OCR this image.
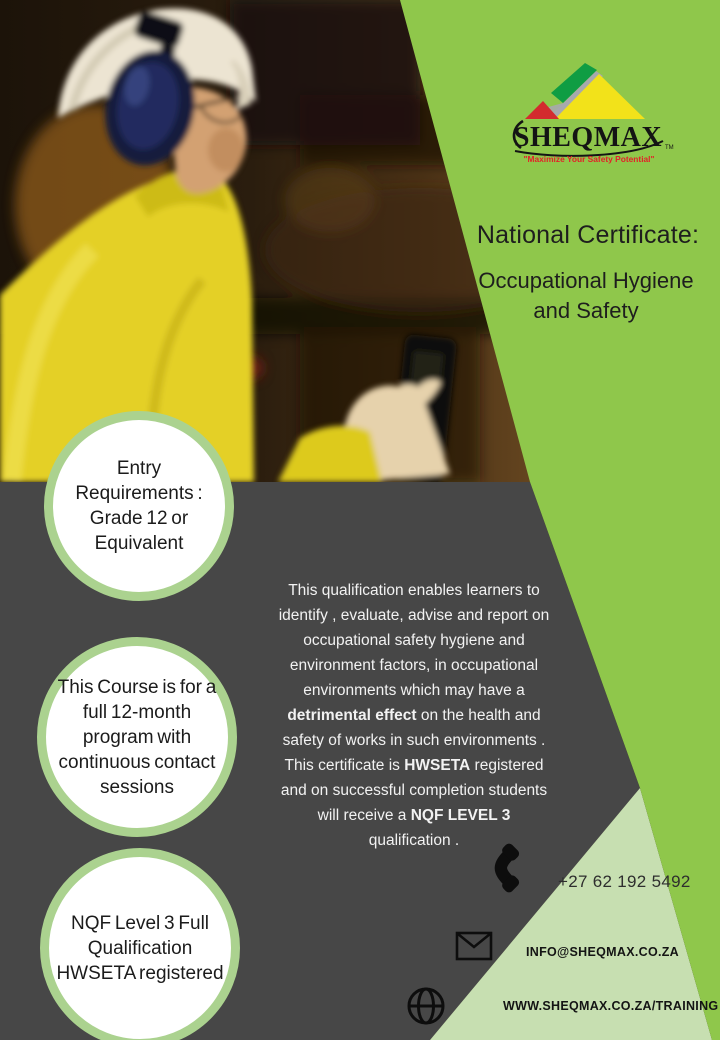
SHEQMAX TM
"Maximize Your Safety Potential"
National Certificate:
Occupational Hygiene
and Safety
Entry
Requirements :
Grade 12 or
Equivalent
This Course is for a
full 12-month
program with
continuous contact
sessions
NQF Level 3 Full
Qualification
HWSETA registered
This qualification enables learners to
identify , evaluate, advise and report on
occupational safety hygiene and
environment factors, in occupational
environments which may have a
detrimental effect on the health and
safety of works in such environments .
This certificate is HWSETA registered
and on successful completion students
will receive a NQF LEVEL 3
qualification .
+27 62 192 5492
INFO@SHEQMAX.CO.ZA
WWW.SHEQMAX.CO.ZA/TRAINING
